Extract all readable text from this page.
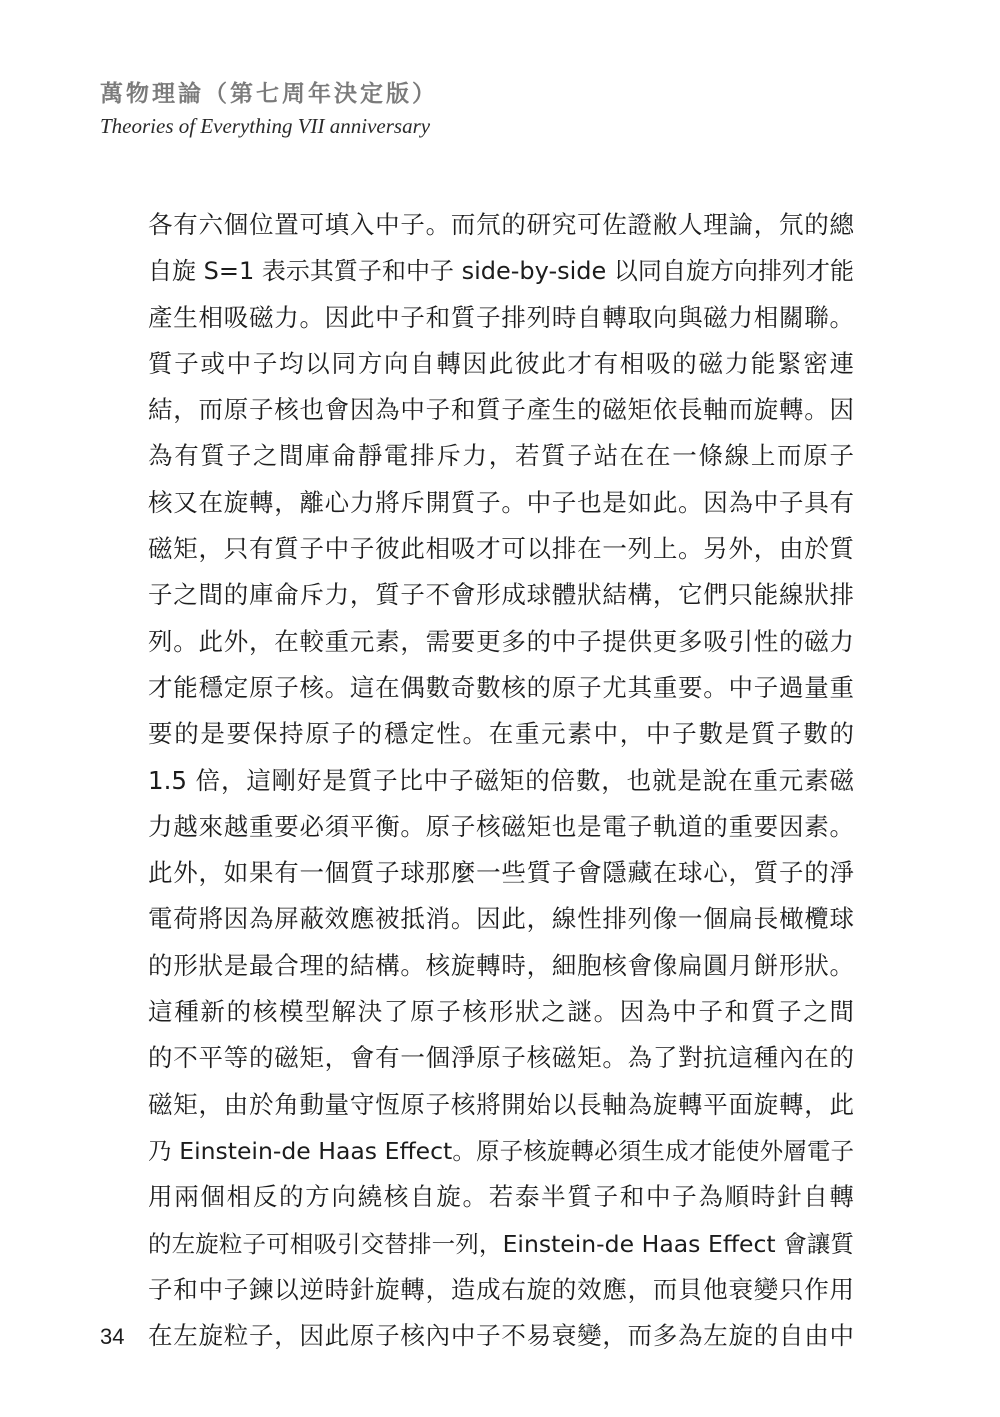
萬物理論（第七周年決定版）
Theories of Everything VII anniversary
各有六個位置可填入中子。而氘的研究可佐證敝人理論，氘的總
自旋 S=1 表示其質子和中子 side-by-side 以同自旋方向排列才能
產生相吸磁力。因此中子和質子排列時自轉取向與磁力相關聯。
質子或中子均以同方向自轉因此彼此才有相吸的磁力能緊密連
結，而原子核也會因為中子和質子產生的磁矩依長軸而旋轉。因
為有質子之間庫侖靜電排斥力，若質子站在在一條線上而原子
核又在旋轉，離心力將斥開質子。中子也是如此。因為中子具有
磁矩，只有質子中子彼此相吸才可以排在一列上。另外，由於質
子之間的庫侖斥力，質子不會形成球體狀結構，它們只能線狀排
列。此外，在較重元素，需要更多的中子提供更多吸引性的磁力
才能穩定原子核。這在偶數奇數核的原子尤其重要。中子過量重
要的是要保持原子的穩定性。在重元素中，中子數是質子數的
1.5 倍，這剛好是質子比中子磁矩的倍數，也就是說在重元素磁
力越來越重要必須平衡。原子核磁矩也是電子軌道的重要因素。
此外，如果有一個質子球那麼一些質子會隱藏在球心，質子的淨
電荷將因為屏蔽效應被抵消。因此，線性排列像一個扁長橄欖球
的形狀是最合理的結構。核旋轉時，細胞核會像扁圓月餅形狀。
這種新的核模型解決了原子核形狀之謎。因為中子和質子之間
的不平等的磁矩，會有一個淨原子核磁矩。為了對抗這種內在的
磁矩，由於角動量守恆原子核將開始以長軸為旋轉平面旋轉，此
乃 Einstein-de Haas Effect。原子核旋轉必須生成才能使外層電子
用兩個相反的方向繞核自旋。若泰半質子和中子為順時針自轉
的左旋粒子可相吸引交替排一列，Einstein-de Haas Effect 會讓質
子和中子鍊以逆時針旋轉，造成右旋的效應，而貝他衰變只作用
在左旋粒子，因此原子核內中子不易衰變，而多為左旋的自由中
34
